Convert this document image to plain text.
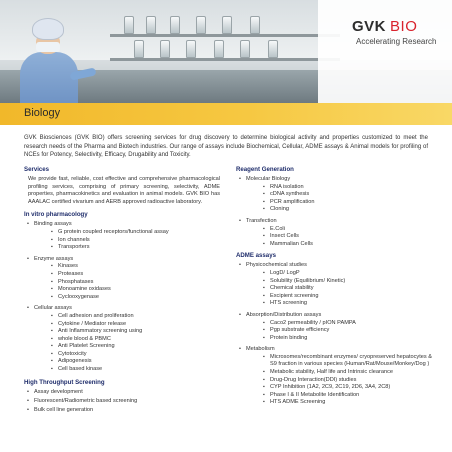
GVK BIO
Accelerating Research
Biology

GVK Biosciences (GVK BIO) offers screening services for drug discovery to determine biological activity and properties customized to meet the research needs of the Pharma and Biotech industries. Our range of assays include Biochemical, Cellular, ADME assays & Animal models for profiling of NCEs for Potency, Selectivity, Efficacy, Drugability and Toxicity.

Services

We provide fast, reliable, cost effective and comprehensive pharmacological profiling services, comprising of primary screening, selectivity, ADME properties, pharmacokinetics and evaluation in animal models. GVK BIO has AAALAC certified vivarium and AERB approved radioactive laboratory.

In vitro pharmacology
• Binding assays
▪ G protein coupled receptors/functional assay
▪ Ion channels
▪ Transporters
• Enzyme assays
▪ Kinases
▪ Proteases
▪ Phosphatases
▪ Monoamine oxidases
▪ Cyclooxygenase
• Cellular assays
▪ Cell adhesion and proliferation
▪ Cytokine / Mediator release
▪ Anti Inflammatory screening using
▪ whole blood & PBMC
▪ Anti Platelet Screening
▪ Cytotoxicity
▪ Adipogenesis
▪ Cell based kinase
High Throughput Screening
• Assay development
• Fluorescent/Radiometric based screening
• Bulk cell line generation
Reagent Generation
• Molecular Biology
▪ RNA isolation
▪ cDNA synthesis
▪ PCR amplification
▪ Cloning
• Transfection
▪ E.Coli
▪ Insect Cells
▪ Mammalian Cells
ADME assays
• Physicochemical studies
▪ LogD/ LogP
▪ Solubility (Equilibrium/ Kinetic)
▪ Chemical stability
▪ Excipient screening
▪ HTS screening
• Absorption/Distribution assays
▪ Caco2 permeability / pION PAMPA
▪ Pgp substrate efficiency
▪ Protein binding
• Metabolism
▪ Microsomes/recombinant enzymes/ cryopreserved hepatocytes & S9 fraction in various species (Human/Rat/Mouse/Monkey/Dog )
▪ Metabolic stability, Half life and Intrinsic clearance
▪ Drug-Drug Interaction(DDI) studies
▪ CYP Inhibition (1A2, 2C9, 2C19, 2D6, 3A4, 2C8)
▪ Phase I & II Metabolite Identification
▪ HTS ADME Screening
